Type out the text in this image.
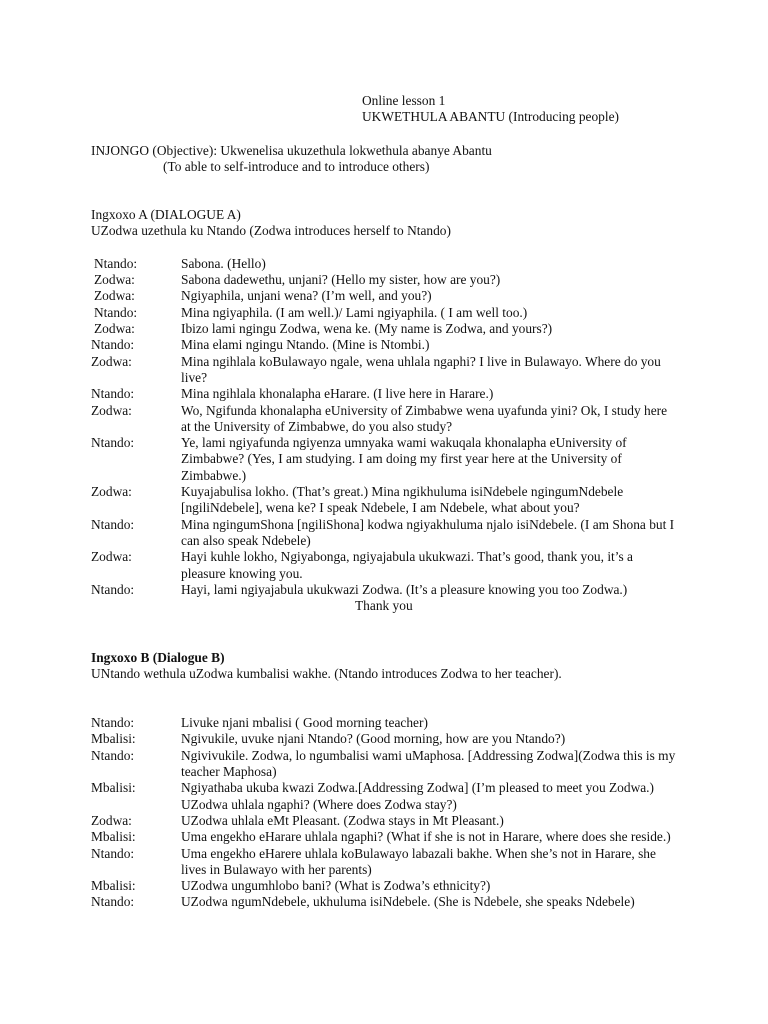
Online lesson 1
UKWETHULA ABANTU (Introducing people)
INJONGO (Objective): Ukwenelisa ukuzethula lokwethula abanye Abantu
(To able to self-introduce and to introduce others)
Ingxoxo A (DIALOGUE A)
UZodwa uzethula ku Ntando (Zodwa introduces herself to Ntando)
Ntando:	Sabona. (Hello)
Zodwa:	Sabona dadewethu, unjani? (Hello my sister, how are you?)
Zodwa:	Ngiyaphila, unjani wena? (I’m well, and you?)
Ntando:	Mina ngiyaphila. (I am well.)/ Lami ngiyaphila. ( I am well too.)
Zodwa:	Ibizo lami ngingu Zodwa, wena ke. (My name is Zodwa, and yours?)
Ntando:	Mina elami ngingu Ntando. (Mine is Ntombi.)
Zodwa:	Mina ngihlala koBulawayo ngale, wena uhlala ngaphi? I live in Bulawayo. Where do you live?
Ntando:	Mina ngihlala khonalapha eHarare. (I live here in Harare.)
Zodwa:	Wo, Ngifunda khonalapha eUniversity of Zimbabwe wena uyafunda yini? Ok, I study here at the University of Zimbabwe, do you also study?
Ntando:	Ye, lami ngiyafunda ngiyenza umnyaka wami wakuqala khonalapha eUniversity of Zimbabwe? (Yes, I am studying. I am doing my first year here at the University of Zimbabwe.)
Zodwa:	Kuyajabulisa lokho. (That’s great.) Mina ngikhuluma isiNdebele ngingumNdebele [ngiliNdebele], wena ke? I speak Ndebele, I am Ndebele, what about you?
Ntando:	Mina ngingumShona [ngiliShona] kodwa ngiyakhuluma njalo isiNdebele. (I am Shona but I can also speak Ndebele)
Zodwa:	Hayi kuhle lokho, Ngiyabonga, ngiyajabula ukukwazi. That’s good, thank you, it’s a pleasure knowing you.
Ntando:	Hayi, lami ngiyajabula ukukwazi Zodwa. (It’s a pleasure knowing you too Zodwa.)
Thank you
Ingxoxo B (Dialogue B)
UNtando wethula uZodwa kumbalisi wakhe. (Ntando introduces Zodwa to her teacher).
Ntando:	Livuke njani mbalisi ( Good morning teacher)
Mbalisi:	Ngivukile, uvuke njani Ntando? (Good morning, how are you Ntando?)
Ntando:	Ngivivukile. Zodwa, lo ngumbalisi wami uMaphosa. [Addressing Zodwa](Zodwa this is my teacher Maphosa)
Mbalisi:	Ngiyathaba ukuba kwazi Zodwa.[Addressing Zodwa] (I’m pleased to meet you Zodwa.) UZodwa uhlala ngaphi? (Where does Zodwa stay?)
Zodwa:	UZodwa uhlala eMt Pleasant. (Zodwa stays in Mt Pleasant.)
Mbalisi:	Uma engekho eHarare uhlala ngaphi? (What if she is not in Harare, where does she reside.)
Ntando:	Uma engekho eHarere uhlala koBulawayo labazali bakhe. When she’s not in Harare, she lives in Bulawayo with her parents)
Mbalisi:	UZodwa ungumhlobo bani? (What is Zodwa’s ethnicity?)
Ntando:	UZodwa ngumNdebele, ukhuluma isiNdebele. (She is Ndebele, she speaks Ndebele)
